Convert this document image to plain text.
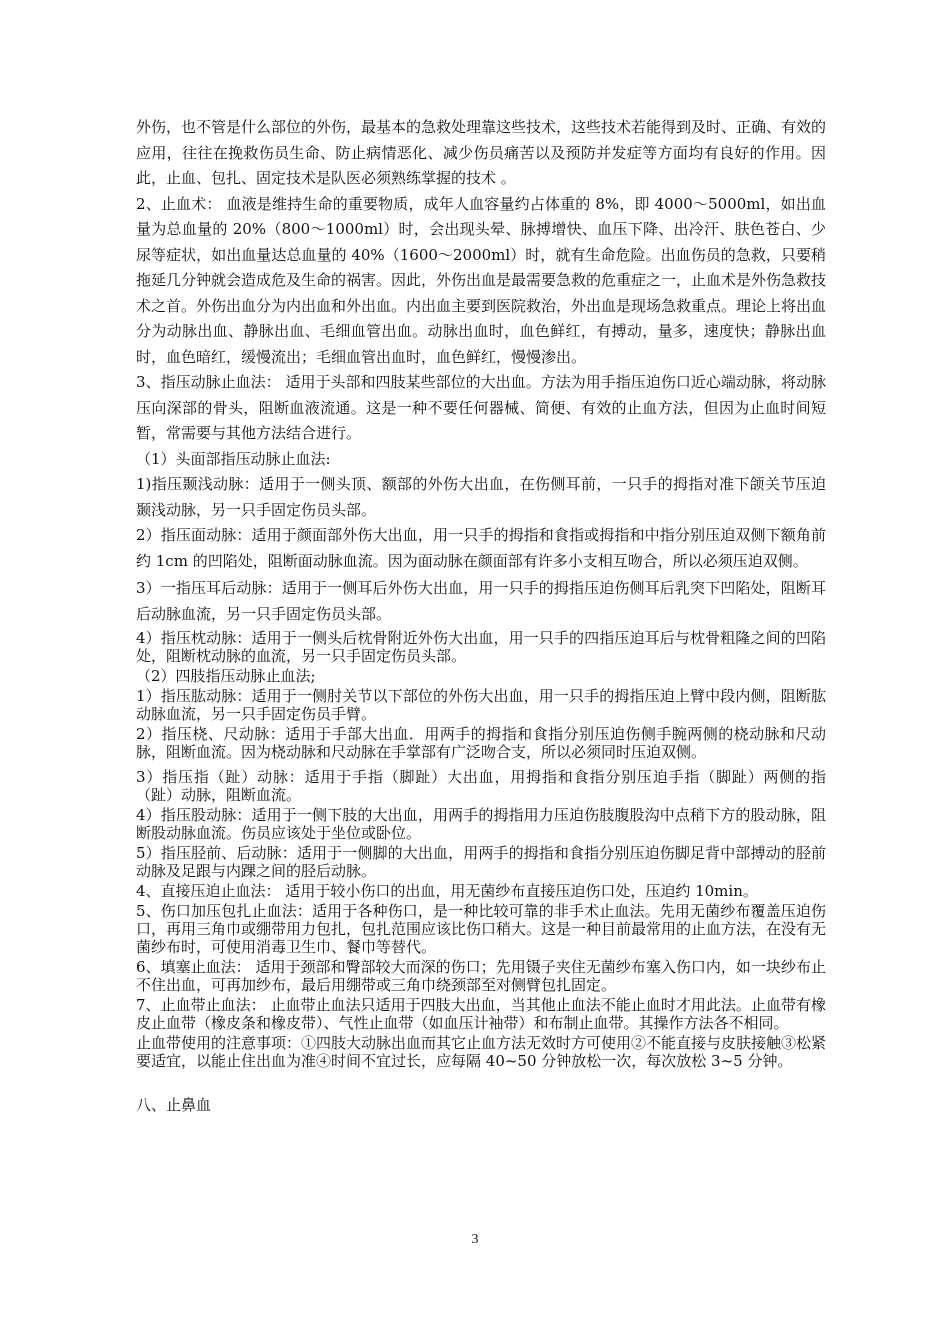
外伤，也不管是什么部位的外伤，最基本的急救处理靠这些技术，这些技术若能得到及时、正确、有效的应用，往往在挽救伤员生命、防止病情恶化、减少伤员痛苦以及预防并发症等方面均有良好的作用。因此，止血、包扎、固定技术是队医必须熟练掌握的技术 。

2、止血术： 血液是维持生命的重要物质，成年人血容量约占体重的 8%，即 4000～5000ml，如出血量为总血量的 20%（800～1000ml）时，会出现头晕、脉搏增快、血压下降、出冷汗、肤色苍白、少尿等症状，如出血量达总血量的 40%（1600～2000ml）时，就有生命危险。出血伤员的急救，只要稍拖延几分钟就会造成危及生命的祸害。因此，外伤出血是最需要急救的危重症之一，止血术是外伤急救技术之首。外伤出血分为内出血和外出血。内出血主要到医院救治，外出血是现场急救重点。理论上将出血分为动脉出血、静脉出血、毛细血管出血。动脉出血时，血色鲜红，有搏动，量多，速度快；静脉出血时，血色暗红，缓慢流出；毛细血管出血时，血色鲜红，慢慢渗出。

3、指压动脉止血法： 适用于头部和四肢某些部位的大出血。方法为用手指压迫伤口近心端动脉，将动脉压向深部的骨头，阻断血液流通。这是一种不要任何器械、简便、有效的止血方法，但因为止血时间短暂，常需要与其他方法结合进行。

（1）头面部指压动脉止血法:

1)指压颞浅动脉：适用于一侧头顶、额部的外伤大出血，在伤侧耳前，一只手的拇指对准下颌关节压迫颞浅动脉，另一只手固定伤员头部。

2）指压面动脉：适用于颜面部外伤大出血，用一只手的拇指和食指或拇指和中指分别压迫双侧下额角前约 1cm 的凹陷处，阻断面动脉血流。因为面动脉在颜面部有许多小支相互吻合，所以必须压迫双侧。

3）一指压耳后动脉：适用于一侧耳后外伤大出血，用一只手的拇指压迫伤侧耳后乳突下凹陷处，阻断耳后动脉血流，另一只手固定伤员头部。

4）指压枕动脉：适用于一侧头后枕骨附近外伤大出血，用一只手的四指压迫耳后与枕骨粗隆之间的凹陷处，阻断枕动脉的血流，另一只手固定伤员头部。

（2）四肢指压动脉止血法;

1）指压肱动脉：适用于一侧肘关节以下部位的外伤大出血，用一只手的拇指压迫上臂中段内侧，阻断肱动脉血流，另一只手固定伤员手臂。

2）指压桡、尺动脉：适用于手部大出血．用两手的拇指和食指分别压迫伤侧手腕两侧的桡动脉和尺动脉，阻断血流。因为桡动脉和尺动脉在手掌部有广泛吻合支，所以必须同时压迫双侧。

3）指压指（趾）动脉：适用于手指（脚趾）大出血，用拇指和食指分别压迫手指（脚趾）两侧的指（趾）动脉，阻断血流。

4）指压股动脉：适用于一侧下肢的大出血，用两手的拇指用力压迫伤肢腹股沟中点稍下方的股动脉，阻断股动脉血流。伤员应该处于坐位或卧位。

5）指压胫前、后动脉：适用于一侧脚的大出血，用两手的拇指和食指分别压迫伤脚足背中部搏动的胫前动脉及足跟与内踝之间的胫后动脉。

4、直接压迫止血法： 适用于较小伤口的出血，用无菌纱布直接压迫伤口处，压迫约 10min。

5、伤口加压包扎止血法：适用于各种伤口，是一种比较可靠的非手术止血法。先用无菌纱布覆盖压迫伤口，再用三角巾或绷带用力包扎，包扎范围应该比伤口稍大。这是一种目前最常用的止血方法，在没有无菌纱布时，可使用消毒卫生巾、餐巾等替代。

6、填塞止血法： 适用于颈部和臀部较大而深的伤口；先用镊子夹住无菌纱布塞入伤口内，如一块纱布止不住出血，可再加纱布，最后用绷带或三角巾绕颈部至对侧臂包扎固定。

7、止血带止血法： 止血带止血法只适用于四肢大出血，当其他止血法不能止血时才用此法。止血带有橡皮止血带（橡皮条和橡皮带）、气性止血带（如血压计袖带）和布制止血带。其操作方法各不相同。

止血带使用的注意事项：①四肢大动脉出血而其它止血方法无效时方可使用②不能直接与皮肤接触③松紧要适宜，以能止住出血为准④时间不宜过长，应每隔 40~50 分钟放松一次，每次放松 3~5 分钟。

八、止鼻血

3
